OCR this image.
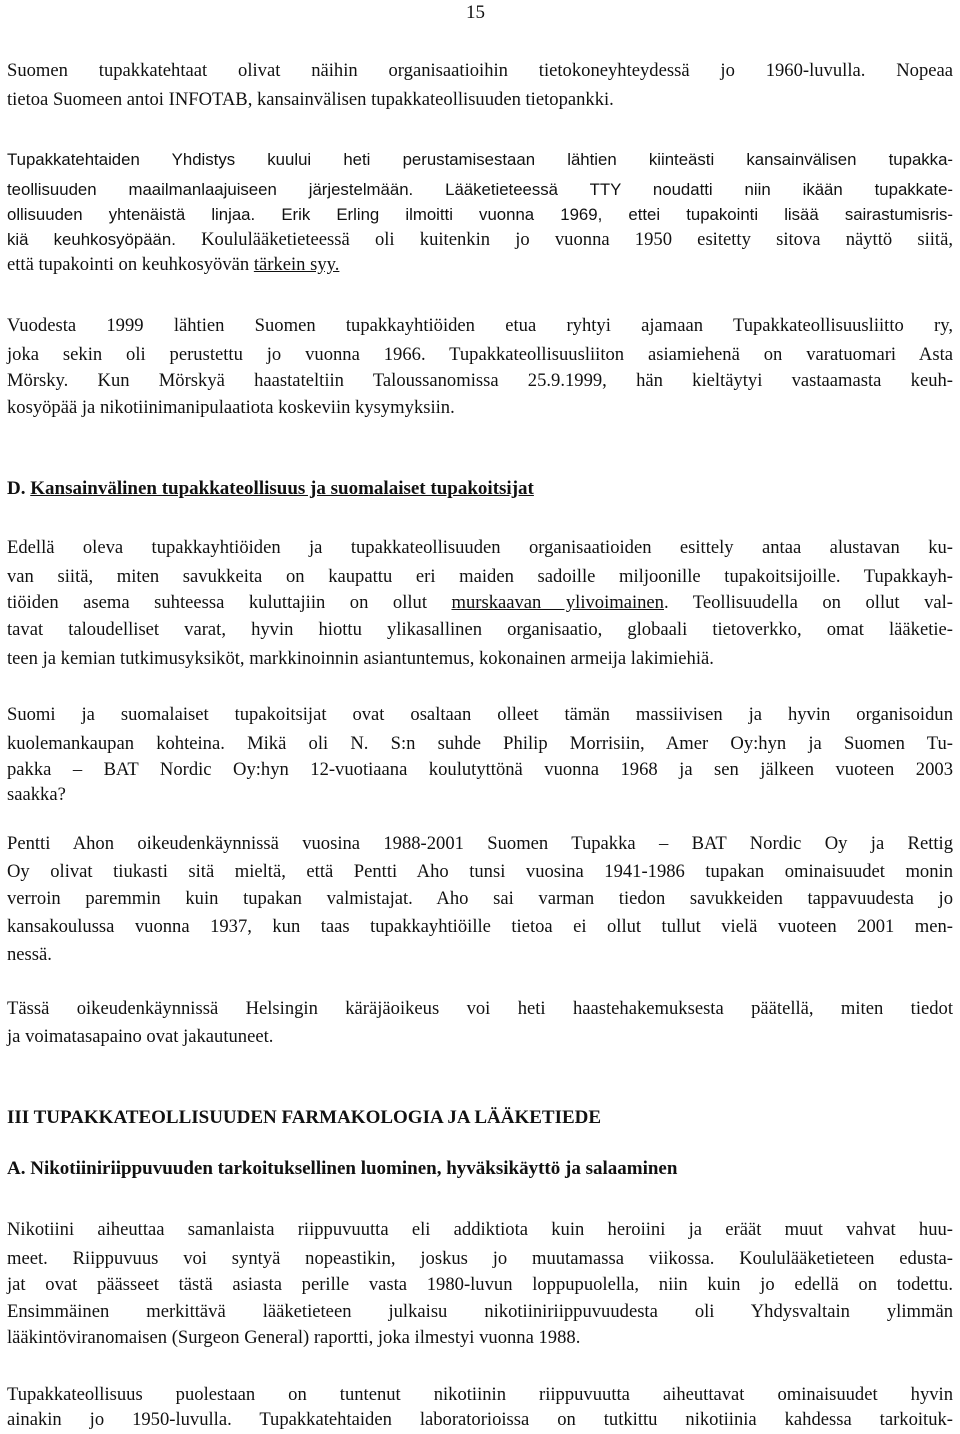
15
Suomen tupakkatehtaat olivat näihin organisaatioihin tietokoneyhteydessä jo 1960-luvulla. Nopeaa
tietoa Suomeen antoi INFOTAB, kansainvälisen tupakkateollisuuden tietopankki.
Tupakkatehtaiden Yhdistys kuului heti perustamisestaan lähtien kiinteästi kansainvälisen tupakka-
teollisuuden maailmanlaajuiseen järjestelmään. Lääketieteessä TTY noudatti niin ikään tupakkate-
ollisuuden yhtenäistä linjaa. Erik Erling ilmoitti vuonna 1969, ettei tupakointi lisää sairastumisris-
kiä keuhkosyöpään. Koululääketieteessä oli kuitenkin jo vuonna 1950 esitetty sitova näyttö siitä,
että tupakointi on keuhkosyövän tärkein syy.
Vuodesta 1999 lähtien Suomen tupakkayhtiöiden etua ryhtyi ajamaan Tupakkateollisuusliitto ry,
joka sekin oli perustettu jo vuonna 1966. Tupakkateollisuusliiton asiamiehenä on varatuomari Asta
Mörsky. Kun Mörskyä haastateltiin Taloussanomissa 25.9.1999, hän kieltäytyi vastaamasta keuh-
kosyöpää ja nikotiinimanipulaatiota koskeviin kysymyksiin.
D. Kansainvälinen tupakkateollisuus ja suomalaiset tupakoitsijat
Edellä oleva tupakkayhtiöiden ja tupakkateollisuuden organisaatioiden esittely antaa alustavan ku-
van siitä, miten savukkeita on kaupattu eri maiden sadoille miljoonille tupakoitsijoille. Tupakkayh-
tiöiden asema suhteessa kuluttajiin on ollut murskaavan ylivoimainen. Teollisuudella on ollut val-
tavat taloudelliset varat, hyvin hiottu ylikasallinen organisaatio, globaali tietoverkko, omat lääketie-
teen ja kemian tutkimusyksiköt, markkinoinnin asiantuntemus, kokonainen armeija lakimiehiä.
Suomi ja suomalaiset tupakoitsijat ovat osaltaan olleet tämän massiivisen ja hyvin organisoidun
kuolemankaupan kohteina. Mikä oli N. S:n suhde Philip Morrisiin, Amer Oy:hyn ja Suomen Tu-
pakka – BAT Nordic Oy:hyn 12-vuotiaana koulutyttönä vuonna 1968 ja sen jälkeen vuoteen 2003
saakka?
Pentti Ahon oikeudenkäynnissä vuosina 1988-2001 Suomen Tupakka – BAT Nordic Oy ja Rettig
Oy olivat tiukasti sitä mieltä, että Pentti Aho tunsi vuosina 1941-1986 tupakan ominaisuudet monin
verroin paremmin kuin tupakan valmistajat. Aho sai varman tiedon savukkeiden tappavuudesta jo
kansakoulussa vuonna 1937, kun taas tupakkayhtiöille tietoa ei ollut tullut vielä vuoteen 2001 men-
nessä.
Tässä oikeudenkäynnissä Helsingin käräjäoikeus voi heti haastehakemuksesta päätellä, miten tiedot
ja voimatasapaino ovat jakautuneet.
III TUPAKKATEOLLISUUDEN FARMAKOLOGIA JA LÄÄKETIEDE
A. Nikotiiniriippuvuuden tarkoituksellinen luominen, hyväksikäyttö ja salaaminen
Nikotiini aiheuttaa samanlaista riippuvuutta eli addiktiota kuin heroiini ja eräät muut vahvat huu-
meet. Riippuvuus voi syntyä nopeastikin, joskus jo muutamassa viikossa. Koululääketieteen edusta-
jat ovat päässeet tästä asiasta perille vasta 1980-luvun loppupuolella, niin kuin jo edellä on todettu.
Ensimmäinen merkittävä lääketieteen julkaisu nikotiiniriippuvuudesta oli Yhdysvaltain ylimmän
lääkintöviranomaisen (Surgeon General) raportti, joka ilmestyi vuonna 1988.
Tupakkateollisuus puolestaan on tuntenut nikotiinin riippuvuutta aiheuttavat ominaisuudet hyvin
ainakin jo 1950-luvulla. Tupakkatehtaiden laboratorioissa on tutkittu nikotiinia kahdessa tarkoituk-
